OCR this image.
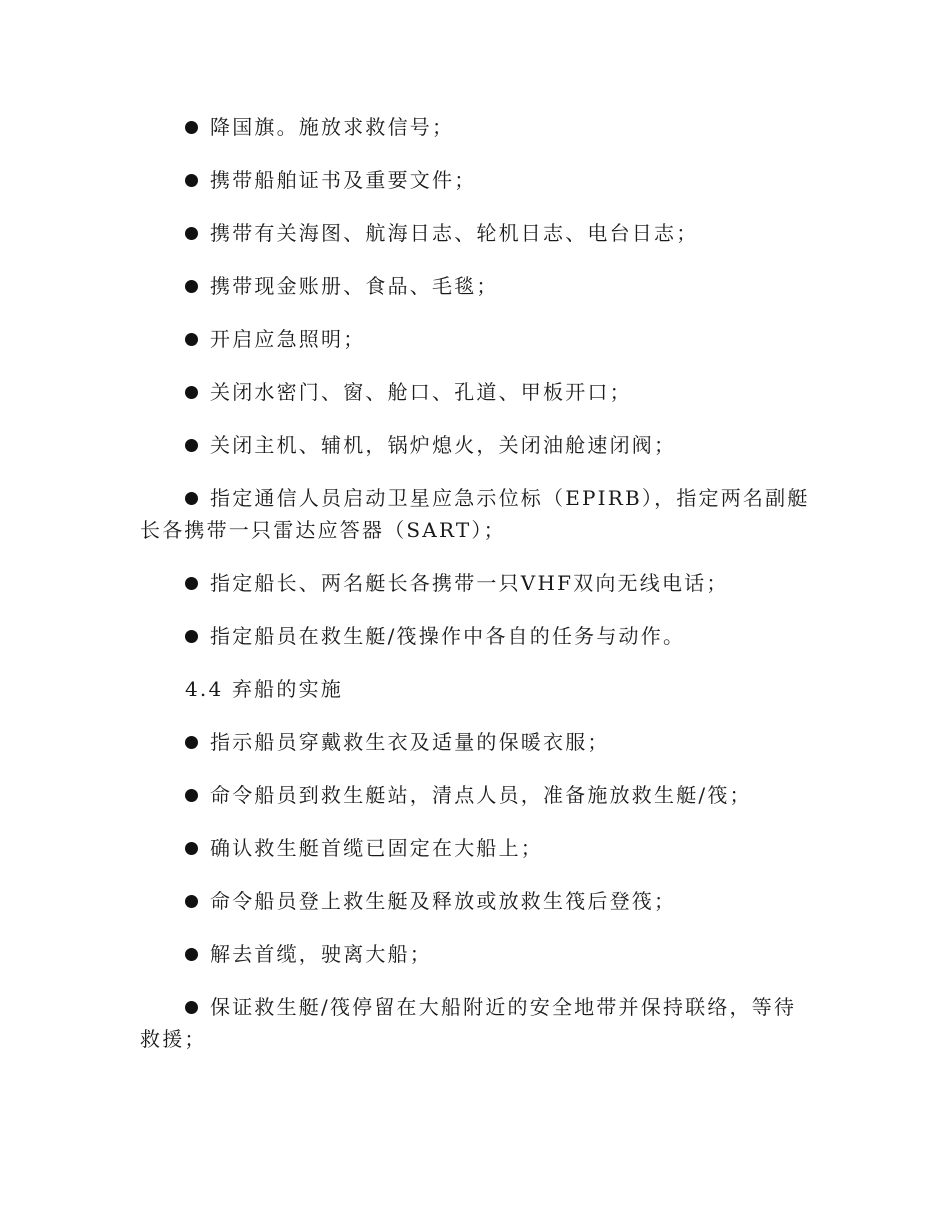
降国旗。施放求救信号；

携带船舶证书及重要文件；

携带有关海图、航海日志、轮机日志、电台日志；

携带现金账册、食品、毛毯；

开启应急照明；

关闭水密门、窗、舱口、孔道、甲板开口；

关闭主机、辅机，锅炉熄火，关闭油舱速闭阀；

指定通信人员启动卫星应急示位标（EPIRB），指定两名副艇长各携带一只雷达应答器（SART）；

指定船长、两名艇长各携带一只VHF双向无线电话；

指定船员在救生艇/筏操作中各自的任务与动作。

4.4 弃船的实施

指示船员穿戴救生衣及适量的保暖衣服；

命令船员到救生艇站，清点人员，准备施放救生艇/筏；

确认救生艇首缆已固定在大船上；

命令船员登上救生艇及释放或放救生筏后登筏；

解去首缆，驶离大船；

保证救生艇/筏停留在大船附近的安全地带并保持联络，等待救援；
